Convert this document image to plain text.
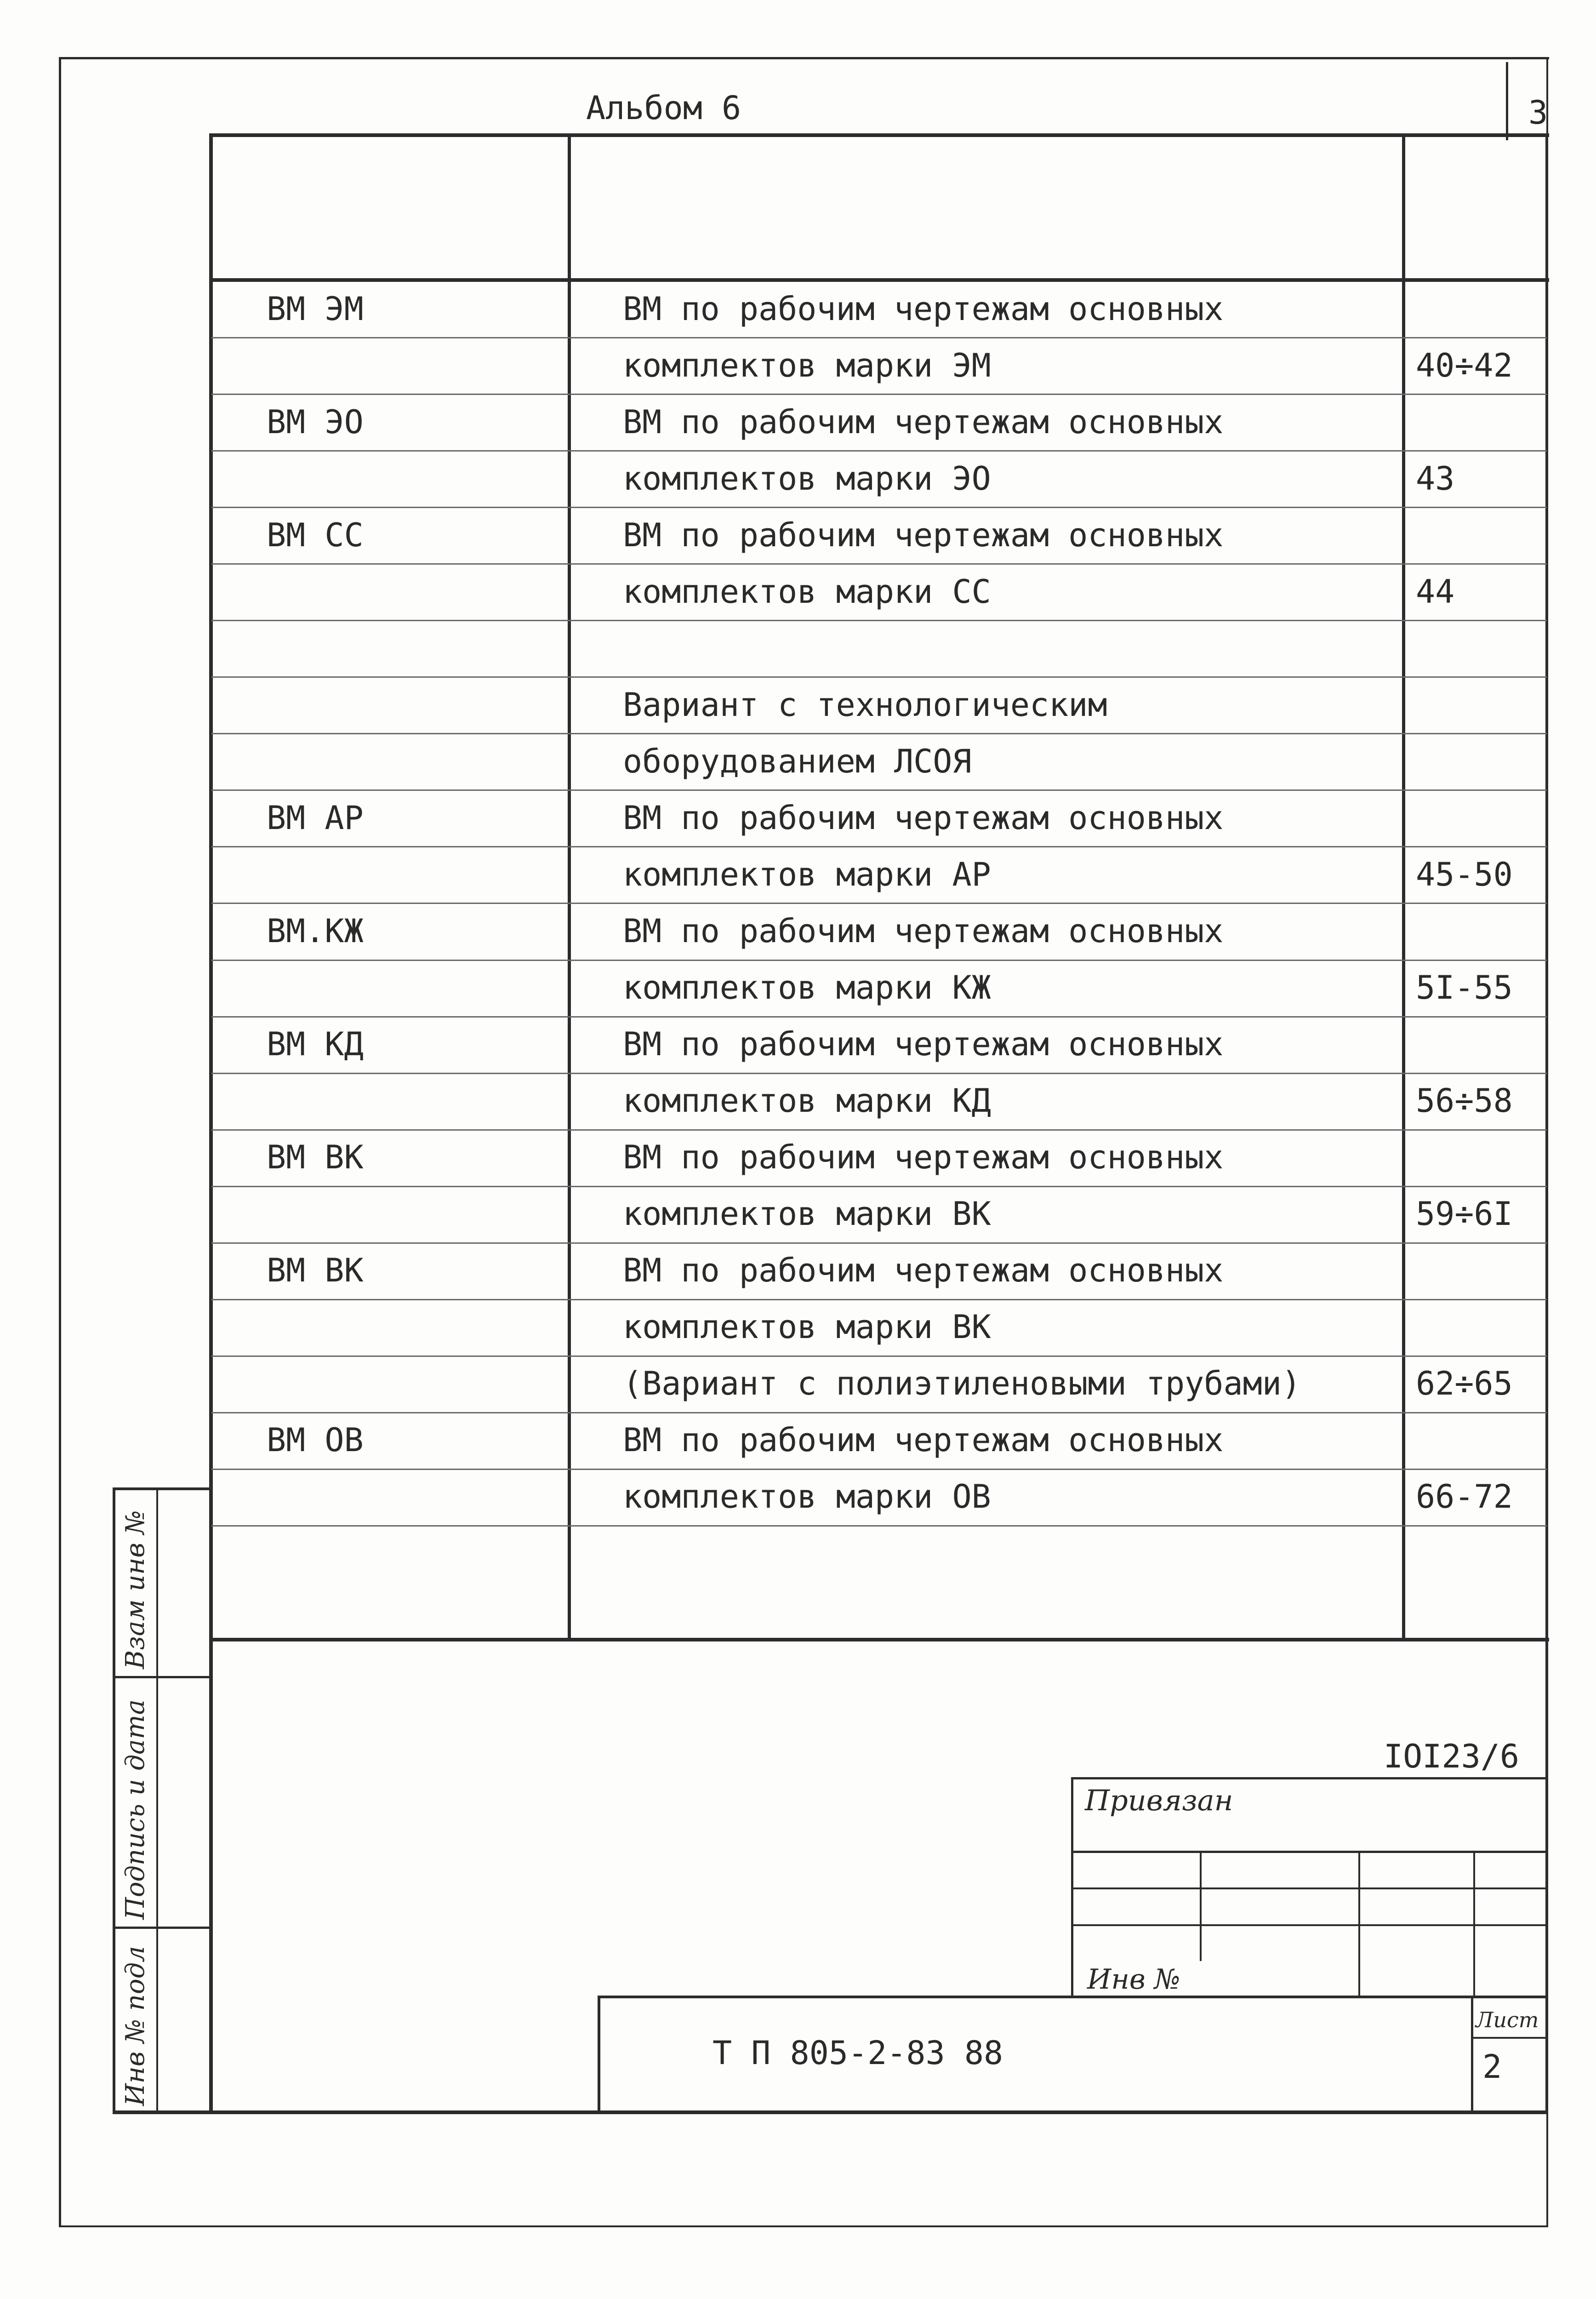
Альбом 6	3
ВМ ЭМ	ВМ по рабочим чертежам основных
комплектов марки ЭМ	40÷42
ВМ ЭО	ВМ по рабочим чертежам основных
комплектов марки ЭО	43
ВМ СС	ВМ по рабочим чертежам основных
комплектов марки СС	44
Вариант с технологическим
оборудованием ЛСОЯ
ВМ АР	ВМ по рабочим чертежам основных
комплектов марки АР	45-50
ВМ.КЖ	ВМ по рабочим чертежам основных
комплектов марки КЖ	5I-55
ВМ КД	ВМ по рабочим чертежам основных
комплектов марки КД	56÷58
ВМ ВК	ВМ по рабочим чертежам основных
комплектов марки ВК	59÷6I
ВМ ВК	ВМ по рабочим чертежам основных
комплектов марки ВК
(Вариант с полиэтиленовыми трубами)	62÷65
ВМ ОВ	ВМ по рабочим чертежам основных
комплектов марки ОВ	66-72
IOI23/6
Привязан
Инв №
Т П 805-2-83 88
Лист
2
Инв № подл
Подпись и дата
Взам инв №
